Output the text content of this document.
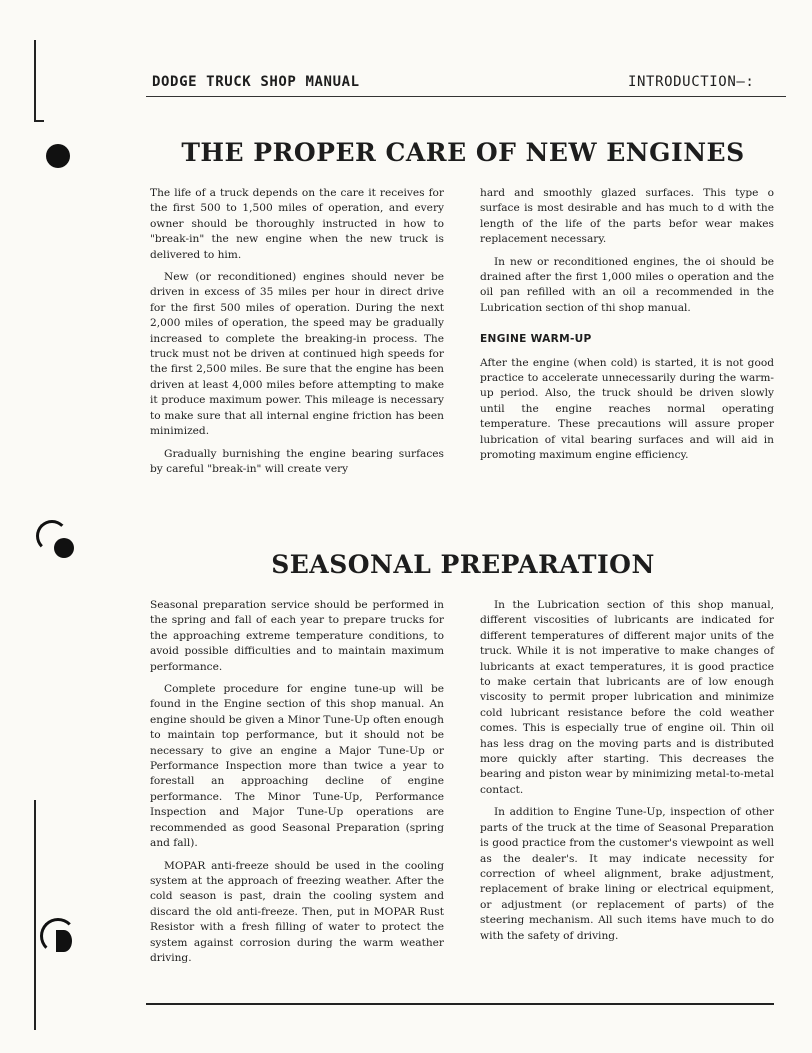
DODGE TRUCK SHOP MANUAL	INTRODUCTION—:
THE PROPER CARE OF NEW ENGINES

The life of a truck depends on the care it receives for the first 500 to 1,500 miles of operation, and every owner should be thoroughly instructed in how to "break-in" the new engine when the new truck is delivered to him.

New (or reconditioned) engines should never be driven in excess of 35 miles per hour in direct drive for the first 500 miles of operation. During the next 2,000 miles of operation, the speed may be gradually increased to complete the breaking-in process. The truck must not be driven at continued high speeds for the first 2,500 miles. Be sure that the engine has been driven at least 4,000 miles before attempting to make it produce maximum power. This mileage is necessary to make sure that all internal engine friction has been minimized.

Gradually burnishing the engine bearing surfaces by careful "break-in" will create very

hard and smoothly glazed surfaces. This type o surface is most desirable and has much to d with the length of the life of the parts befor wear makes replacement necessary.

In new or reconditioned engines, the oi should be drained after the first 1,000 miles o operation and the oil pan refilled with an oil a recommended in the Lubrication section of thi shop manual.

ENGINE WARM-UP

After the engine (when cold) is started, it is not good practice to accelerate unnecessarily during the warm-up period. Also, the truck should be driven slowly until the engine reaches normal operating temperature. These precautions will assure proper lubrication of vital bearing surfaces and will aid in promoting maximum engine efficiency.

SEASONAL PREPARATION

Seasonal preparation service should be performed in the spring and fall of each year to prepare trucks for the approaching extreme temperature conditions, to avoid possible difficulties and to maintain maximum performance.

Complete procedure for engine tune-up will be found in the Engine section of this shop manual. An engine should be given a Minor Tune-Up often enough to maintain top performance, but it should not be necessary to give an engine a Major Tune-Up or Performance Inspection more than twice a year to forestall an approaching decline of engine performance. The Minor Tune-Up, Performance Inspection and Major Tune-Up operations are recommended as good Seasonal Preparation (spring and fall).

MOPAR anti-freeze should be used in the cooling system at the approach of freezing weather. After the cold season is past, drain the cooling system and discard the old anti-freeze. Then, put in MOPAR Rust Resistor with a fresh filling of water to protect the system against corrosion during the warm weather driving.

In the Lubrication section of this shop manual, different viscosities of lubricants are indicated for different temperatures of different major units of the truck. While it is not imperative to make changes of lubricants at exact temperatures, it is good practice to make certain that lubricants are of low enough viscosity to permit proper lubrication and minimize cold lubricant resistance before the cold weather comes. This is especially true of engine oil. Thin oil has less drag on the moving parts and is distributed more quickly after starting. This decreases the bearing and piston wear by minimizing metal-to-metal contact.

In addition to Engine Tune-Up, inspection of other parts of the truck at the time of Seasonal Preparation is good practice from the customer's viewpoint as well as the dealer's. It may indicate necessity for correction of wheel alignment, brake adjustment, replacement of brake lining or electrical equipment, or adjustment (or replacement of parts) of the steering mechanism. All such items have much to do with the safety of driving.
